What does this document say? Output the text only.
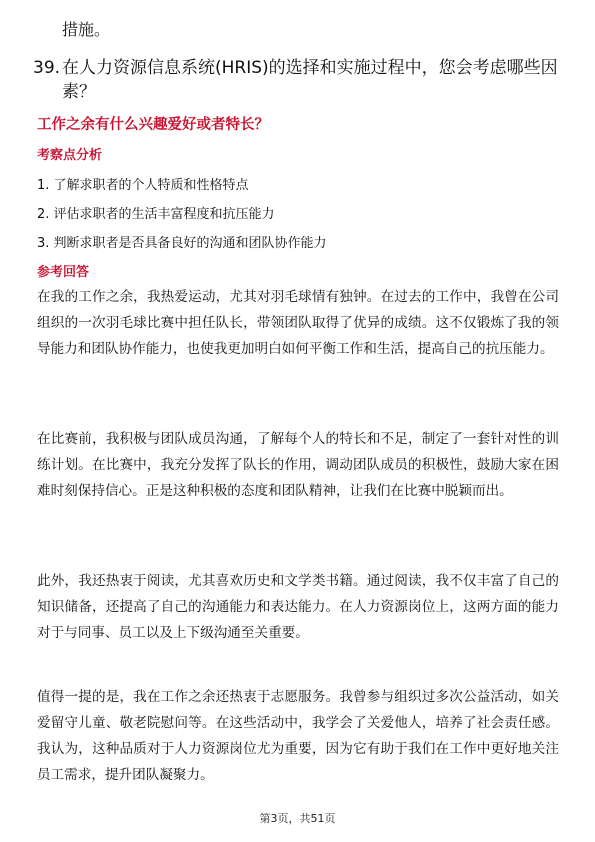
措施。
39. 在人力资源信息系统(HRIS)的选择和实施过程中，您会考虑哪些因素？
工作之余有什么兴趣爱好或者特长？
考察点分析
1. 了解求职者的个人特质和性格特点
2. 评估求职者的生活丰富程度和抗压能力
3. 判断求职者是否具备良好的沟通和团队协作能力
参考回答

在我的工作之余，我热爱运动，尤其对羽毛球情有独钟。在过去的工作中，我曾在公司组织的一次羽毛球比赛中担任队长，带领团队取得了优异的成绩。这不仅锻炼了我的领导能力和团队协作能力，也使我更加明白如何平衡工作和生活，提高自己的抗压能力。

在比赛前，我积极与团队成员沟通，了解每个人的特长和不足，制定了一套针对性的训练计划。在比赛中，我充分发挥了队长的作用，调动团队成员的积极性，鼓励大家在困难时刻保持信心。正是这种积极的态度和团队精神，让我们在比赛中脱颖而出。

此外，我还热衷于阅读，尤其喜欢历史和文学类书籍。通过阅读，我不仅丰富了自己的知识储备，还提高了自己的沟通能力和表达能力。在人力资源岗位上，这两方面的能力对于与同事、员工以及上下级沟通至关重要。

值得一提的是，我在工作之余还热衷于志愿服务。我曾参与组织过多次公益活动，如关爱留守儿童、敬老院慰问等。在这些活动中，我学会了关爱他人，培养了社会责任感。我认为，这种品质对于人力资源岗位尤为重要，因为它有助于我们在工作中更好地关注员工需求，提升团队凝聚力。

第3页，共51页
